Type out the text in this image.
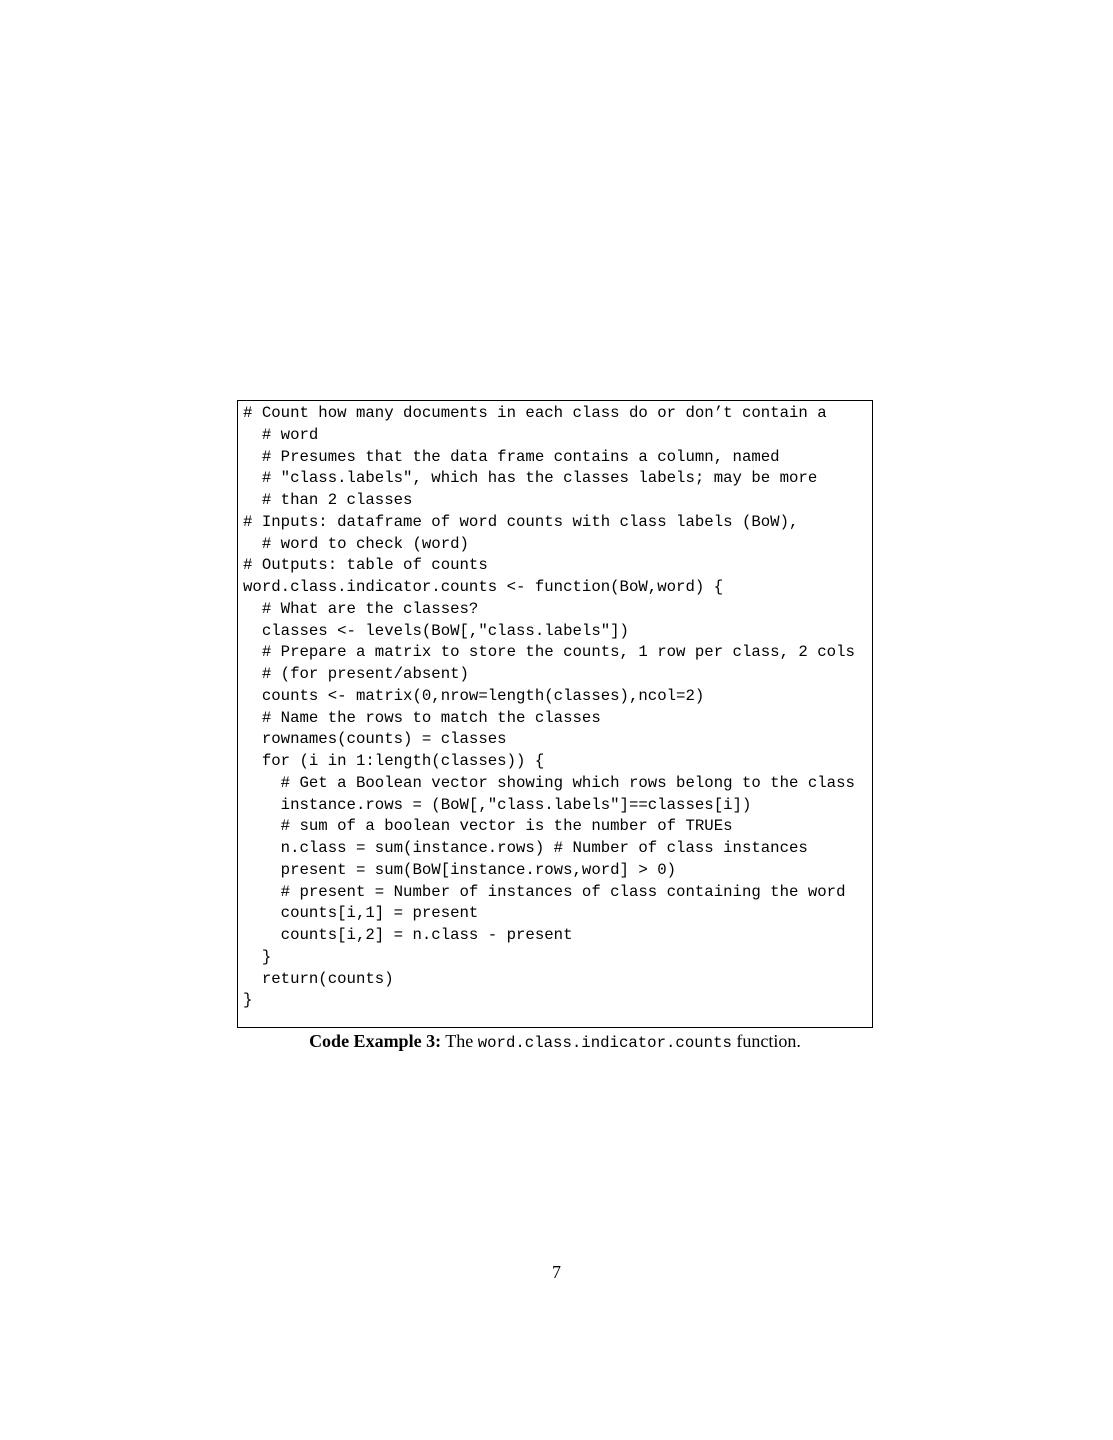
# Count how many documents in each class do or don’t contain a
# word
# Presumes that the data frame contains a column, named
# "class.labels", which has the classes labels; may be more
# than 2 classes
# Inputs: dataframe of word counts with class labels (BoW),
# word to check (word)
# Outputs: table of counts
word.class.indicator.counts <- function(BoW,word) {
# What are the classes?
classes <- levels(BoW[,"class.labels"])
# Prepare a matrix to store the counts, 1 row per class, 2 cols
# (for present/absent)
counts <- matrix(0,nrow=length(classes),ncol=2)
# Name the rows to match the classes
rownames(counts) = classes
for (i in 1:length(classes)) {
# Get a Boolean vector showing which rows belong to the class
instance.rows = (BoW[,"class.labels"]==classes[i])
# sum of a boolean vector is the number of TRUEs
n.class = sum(instance.rows) # Number of class instances
present = sum(BoW[instance.rows,word] > 0)
# present = Number of instances of class containing the word
counts[i,1] = present
counts[i,2] = n.class - present
}
return(counts)
}
Code Example 3: The word.class.indicator.counts function.
7
